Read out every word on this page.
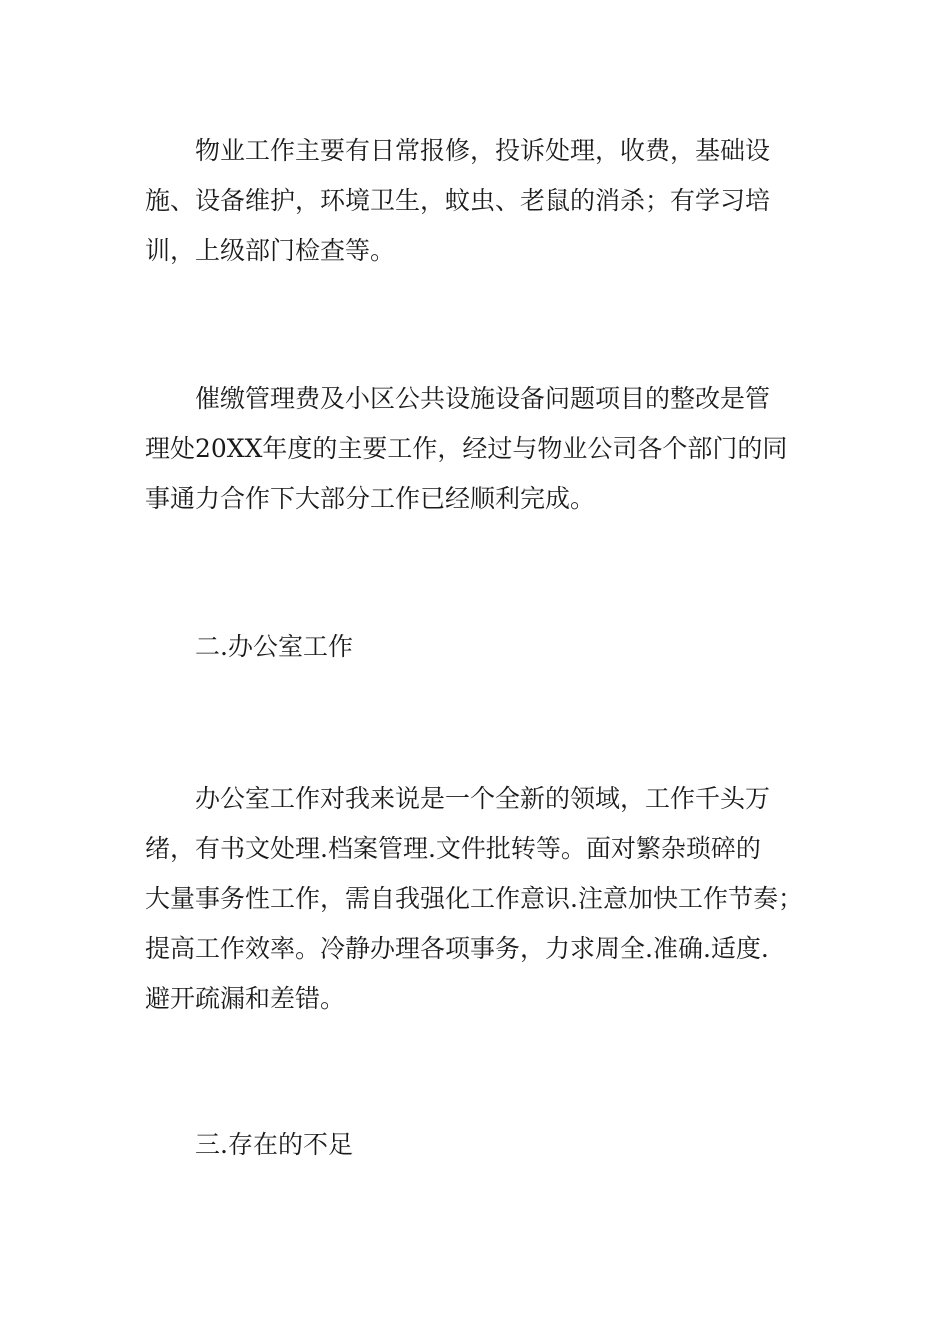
物业工作主要有日常报修，投诉处理，收费，基础设
施、设备维护，环境卫生，蚊虫、老鼠的消杀；有学习培
训，上级部门检查等。
催缴管理费及小区公共设施设备问题项目的整改是管
理处20XX年度的主要工作，经过与物业公司各个部门的同
事通力合作下大部分工作已经顺利完成。
二.办公室工作
办公室工作对我来说是一个全新的领域，工作千头万
绪，有书文处理.档案管理.文件批转等。面对繁杂琐碎的
大量事务性工作，需自我强化工作意识.注意加快工作节奏；
提高工作效率。冷静办理各项事务，力求周全.准确.适度.
避开疏漏和差错。
三.存在的不足
